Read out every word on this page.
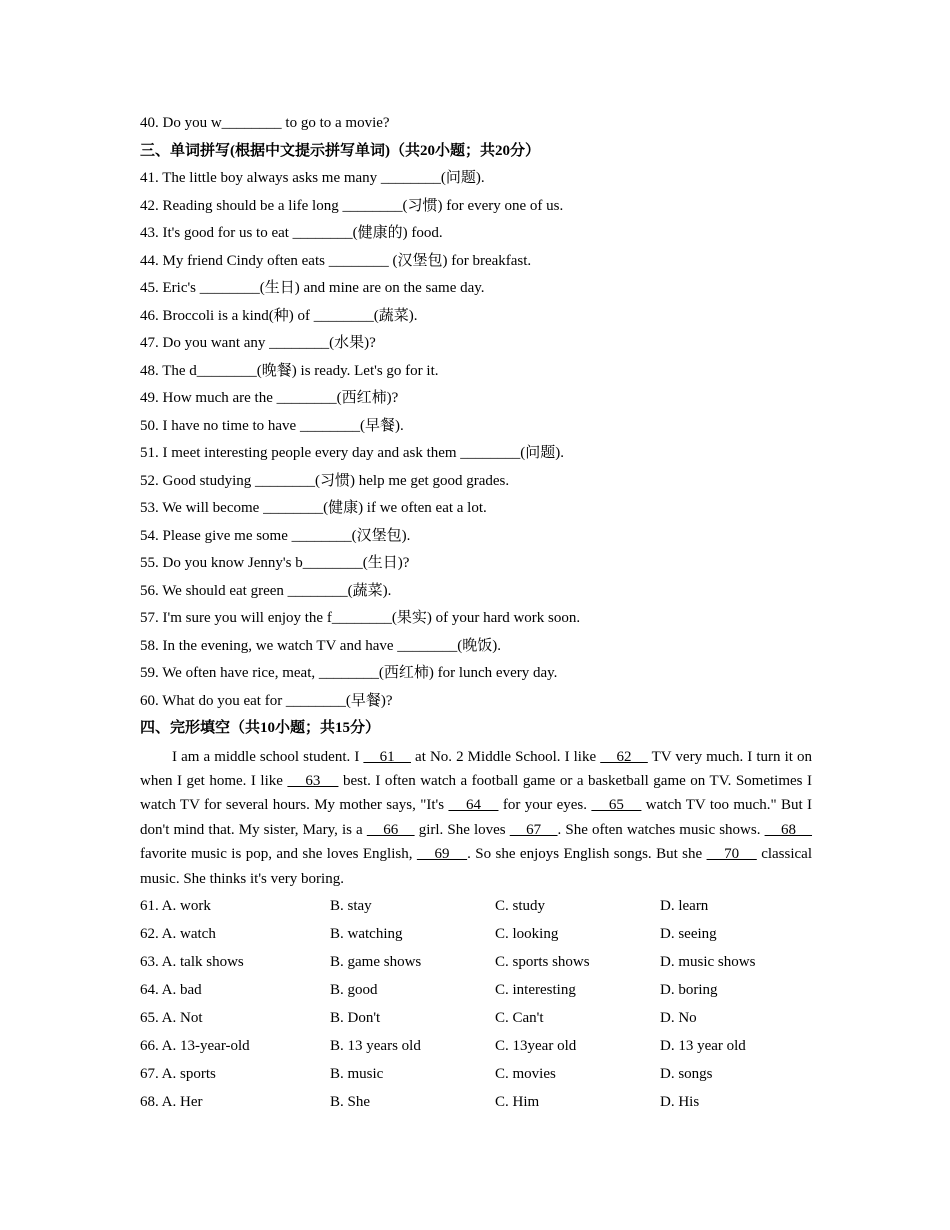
40. Do you w________ to go to a movie?
三、单词拼写(根据中文提示拼写单词)（共20小题；共20分）
41. The little boy always asks me many ________(问题).
42. Reading should be a life long ________(习惯) for every one of us.
43. It's good for us to eat ________(健康的) food.
44. My friend Cindy often eats ________ (汉堡包) for breakfast.
45. Eric's ________(生日) and mine are on the same day.
46. Broccoli is a kind(种) of ________(蔬菜).
47. Do you want any ________(水果)?
48. The d________(晚餐) is ready. Let's go for it.
49. How much are the ________(西红柿)?
50. I have no time to have ________(早餐).
51. I meet interesting people every day and ask them ________(问题).
52. Good studying ________(习惯) help me get good grades.
53. We will become ________(健康) if we often eat a lot.
54. Please give me some ________(汉堡包).
55. Do you know Jenny's b________(生日)?
56. We should eat green ________(蔬菜).
57. I'm sure you will enjoy the f________(果实) of your hard work soon.
58. In the evening, we watch TV and have ________(晚饭).
59. We often have rice, meat, ________(西红柿) for lunch every day.
60. What do you eat for ________(早餐)?
四、完形填空（共10小题；共15分）
I am a middle school student. I     61     at No. 2 Middle School. I like     62     TV very much. I turn it on when I get home. I like     63     best. I often watch a football game or a basketball game on TV. Sometimes I watch TV for several hours. My mother says, "It's     64     for your eyes.     65     watch TV too much." But I don't mind that. My sister, Mary, is a     66     girl. She loves     67    . She often watches music shows.     68     favorite music is pop, and she loves English,     69    . So she enjoys English songs. But she     70     classical music. She thinks it's very boring.
61. A. work	B. stay	C. study	D. learn
62. A. watch	B. watching	C. looking	D. seeing
63. A. talk shows	B. game shows	C. sports shows	D. music shows
64. A. bad	B. good	C. interesting	D. boring
65. A. Not	B. Don't	C. Can't	D. No
66. A. 13-year-old	B. 13 years old	C. 13year old	D. 13 year old
67. A. sports	B. music	C. movies	D. songs
68. A. Her	B. She	C. Him	D. His
